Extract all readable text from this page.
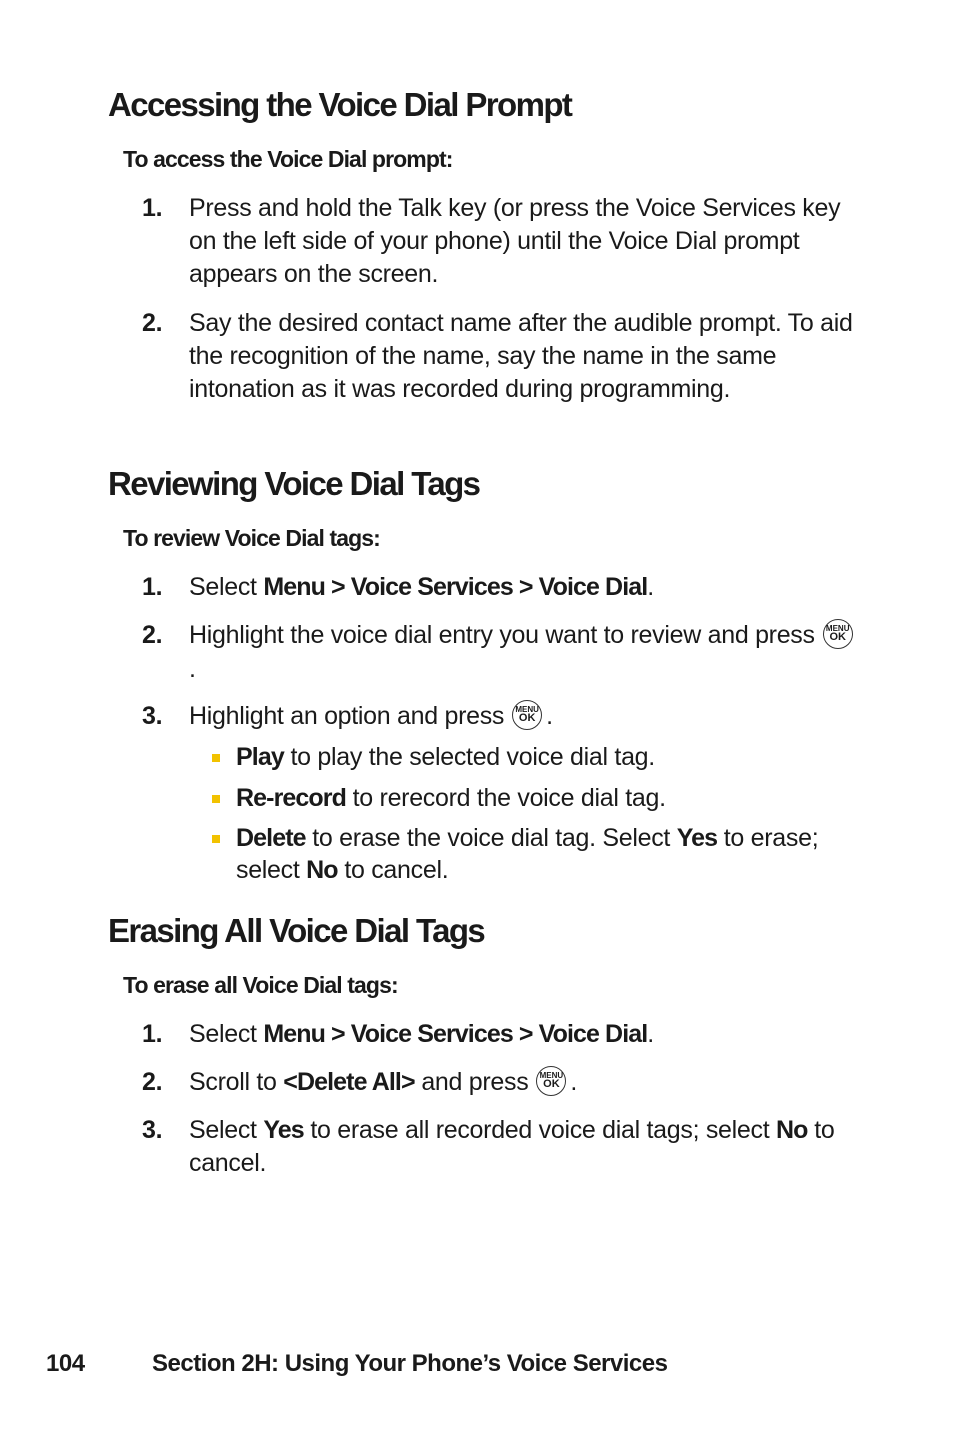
Accessing the Voice Dial Prompt

To access the Voice Dial prompt:

1. Press and hold the Talk key (or press the Voice Services key on the left side of your phone) until the Voice Dial prompt appears on the screen.
2. Say the desired contact name after the audible prompt. To aid the recognition of the name, say the name in the same intonation as it was recorded during programming.
Reviewing Voice Dial Tags

To review Voice Dial tags:

1. Select Menu > Voice Services > Voice Dial.
2. Highlight the voice dial entry you want to review and press MENU
OK
.
3. Highlight an option and press MENU
OK .
Play to play the selected voice dial tag.
Re-record to rerecord the voice dial tag.
Delete to erase the voice dial tag. Select Yes to erase; select No to cancel.
Erasing All Voice Dial Tags

To erase all Voice Dial tags:

1. Select Menu > Voice Services > Voice Dial.
2. Scroll to <Delete All> and press MENU
OK .
3. Select Yes to erase all recorded voice dial tags; select No to cancel.
104	Section 2H: Using Your Phone’s Voice Services
